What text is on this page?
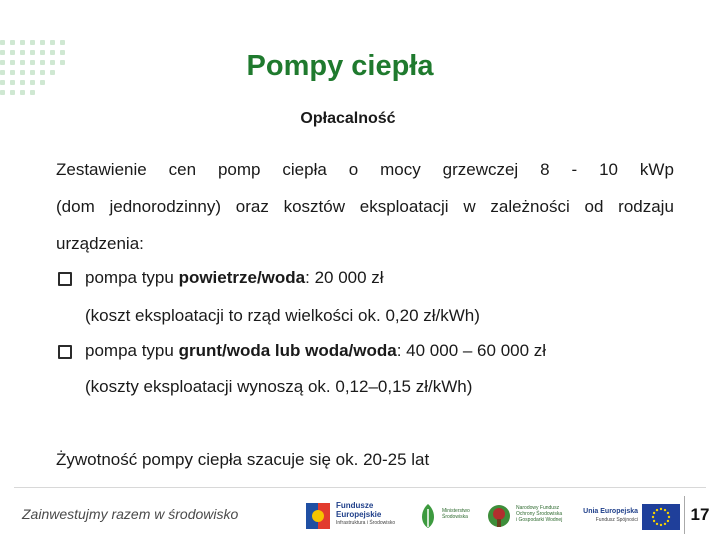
Pompy ciepła
Opłacalność
Zestawienie cen pomp ciepła o mocy grzewczej 8 - 10 kWp
(dom jednorodzinny) oraz kosztów eksploatacji w zależności od rodzaju
urządzenia:
pompa typu powietrze/woda: 20 000 zł
(koszt eksploatacji to rząd wielkości ok. 0,20 zł/kWh)
pompa typu grunt/woda lub woda/woda: 40 000 – 60 000 zł
(koszty eksploatacji wynoszą ok. 0,12–0,15 zł/kWh)
Żywotność pompy ciepła szacuje się ok. 20-25 lat
Zainwestujmy razem w środowisko
Fundusze
Europejskie
Infrastruktura i Środowisko
Ministerstwo
Środowiska
Narodowy Fundusz
Ochrony Środowiska
i Gospodarki Wodnej
Unia Europejska
Fundusz Spójności	17
